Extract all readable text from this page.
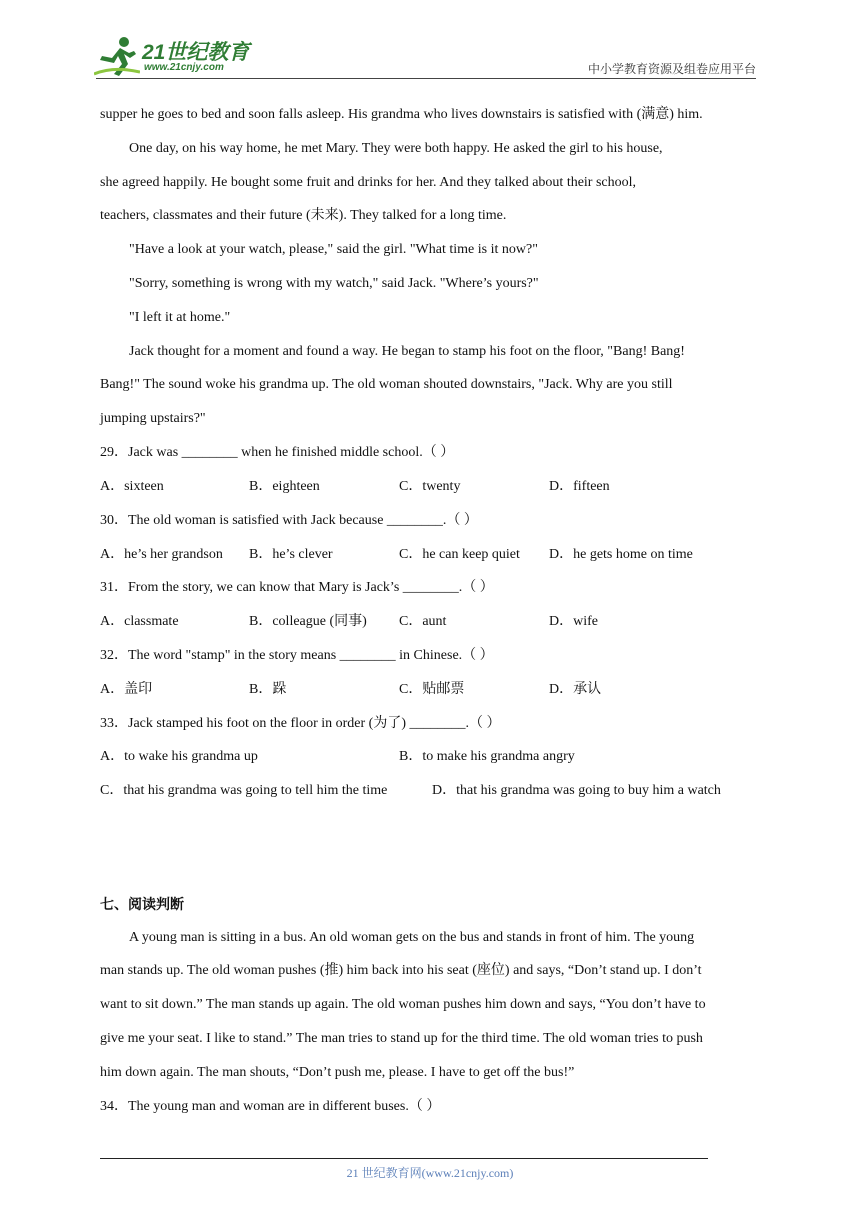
21世纪教育
www.21cnjy.com	中小学教育资源及组卷应用平台
supper he goes to bed and soon falls asleep. His grandma who lives downstairs is satisfied with (满意) him.
One day, on his way home, he met Mary. They were both happy. He asked the girl to his house,
she agreed happily. He bought some fruit and drinks for her. And they talked about their school,
teachers, classmates and their future (未来). They talked for a long time.
"Have a look at your watch, please," said the girl. "What time is it now?"
"Sorry, something is wrong with my watch," said Jack. "Where’s yours?"
"I left it at home."
Jack thought for a moment and found a way. He began to stamp his foot on the floor, "Bang! Bang!
Bang!" The sound woke his grandma up. The old woman shouted downstairs, "Jack. Why are you still
jumping upstairs?"
29．Jack was ________ when he finished middle school.（ ）
A．sixteen	B．eighteen	C．twenty	D．fifteen
30．The old woman is satisfied with Jack because ________.（ ）
A．he’s her grandson B．he’s clever	C．he can keep quiet D．he gets home on time
31．From the story, we can know that Mary is Jack’s ________.（ ）
A．classmate	B．colleague (同事) C．aunt	D．wife
32．The word "stamp" in the story means ________ in Chinese.（ ）
A．盖印	B．跺	C．贴邮票	D．承认
33．Jack stamped his foot on the floor in order (为了) ________.（ ）
A．to wake his grandma up	B．to make his grandma angry
C．that his grandma was going to tell him the time	D．that his grandma was going to buy him a watch
七、阅读判断
A young man is sitting in a bus. An old woman gets on the bus and stands in front of him. The young
man stands up. The old woman pushes (推) him back into his seat (座位) and says, “Don’t stand up. I don’t
want to sit down.” The man stands up again. The old woman pushes him down and says, “You don’t have to
give me your seat. I like to stand.” The man tries to stand up for the third time. The old woman tries to push
him down again. The man shouts, “Don’t push me, please. I have to get off the bus!”
34．The young man and woman are in different buses.（ ）
21 世纪教育网(www.21cnjy.com)
